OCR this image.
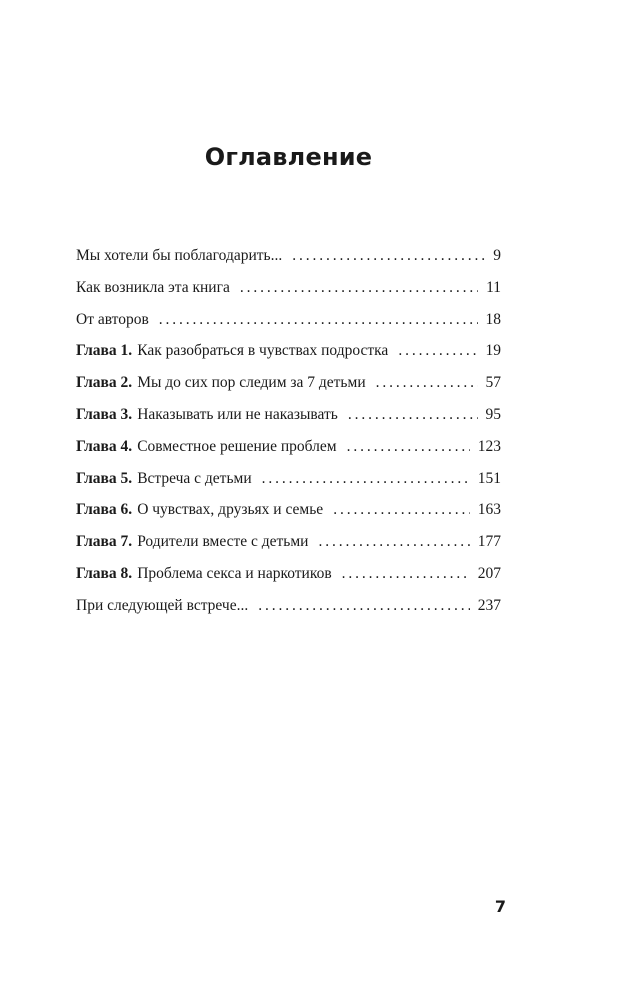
Оглавление
Мы хотели бы поблагодарить... . . .	9
Как возникла эта книга . . .	11
От авторов . . .	18
Глава 1. Как разобраться в чувствах подростка . . .	19
Глава 2. Мы до сих пор следим за 7 детьми . . .	57
Глава 3. Наказывать или не наказывать . . .	95
Глава 4. Совместное решение проблем . . .	123
Глава 5. Встреча с детьми . . .	151
Глава 6. О чувствах, друзьях и семье . . .	163
Глава 7. Родители вместе с детьми . . .	177
Глава 8. Проблема секса и наркотиков . . .	207
При следующей встрече... . . .	237
7
